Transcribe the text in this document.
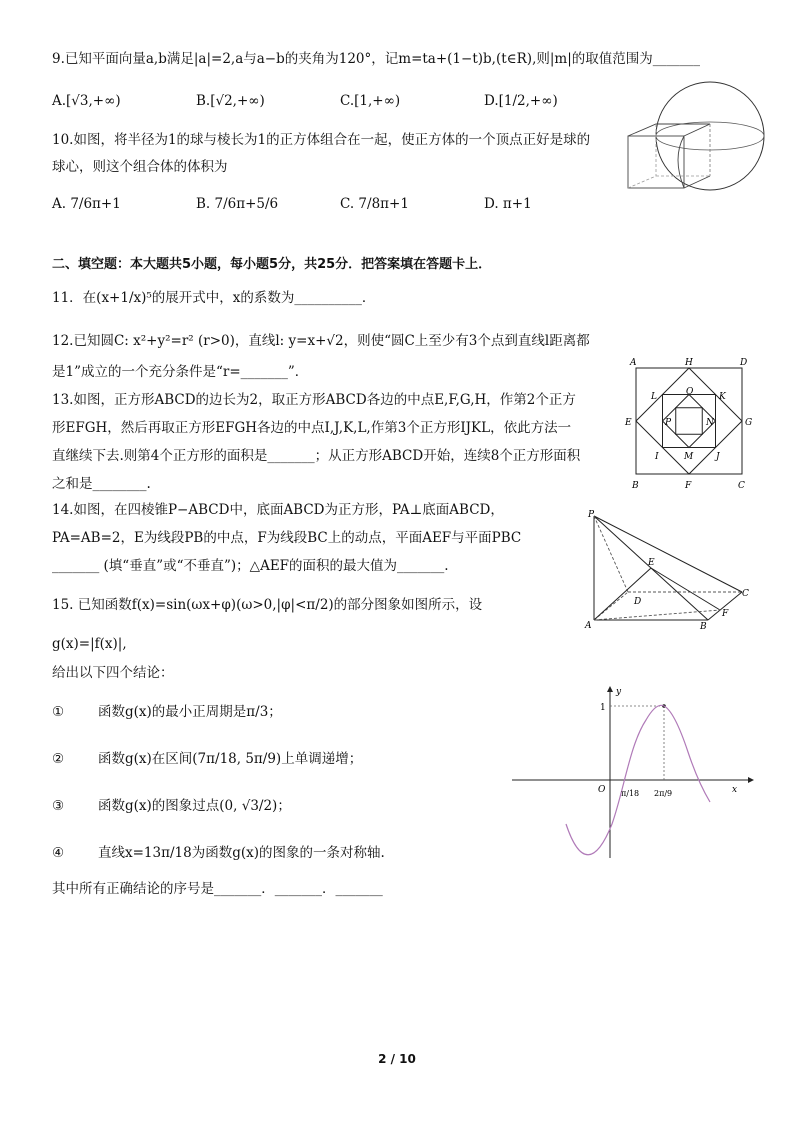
9.已知平面向量a,b满足|a|=2,a与a−b的夹角为120°，记m=ta+(1−t)b,(t∈R),则|m|的取值范围为_______
A.[√3,+∞)	B.[√2,+∞)	C.[1,+∞)	D.[1/2,+∞)
10.如图，将半径为1的球与棱长为1的正方体组合在一起，使正方体的一个顶点正好是球的
球心，则这个组合体的体积为
A. 7/6π+1	B. 7/6π+5/6	C. 7/8π+1	D. π+1
二、填空题：本大题共5小题，每小题5分，共25分．把答案填在答题卡上．
11．在(x+1/x)⁵的展开式中，x的系数为__________．
12.已知圆C: x²+y²=r² (r>0)，直线l: y=x+√2，则使“圆C上至少有3个点到直线l距离都
是1”成立的一个充分条件是“r=_______”．
13.如图，正方形ABCD的边长为2，取正方形ABCD各边的中点E,F,G,H，作第2个正方
形EFGH，然后再取正方形EFGH各边的中点I,J,K,L,作第3个正方形IJKL，依此方法一
直继续下去.则第4个正方形的面积是_______；从正方形ABCD开始，连续8个正方形面积
之和是________.
A	H	D
L	O	K
E	P	N	G
I	M	J
B	F	C
14.如图，在四棱锥P−ABCD中，底面ABCD为正方形，PA⊥底面ABCD，
PA=AB=2，E为线段PB的中点，F为线段BC上的动点，平面AEF与平面PBC
_______ (填“垂直”或“不垂直”)；△AEF的面积的最大值为_______.
P
E
D
C
A	B
F
15. 已知函数f(x)=sin(ωx+φ)(ω>0,|φ|<π/2)的部分图象如图所示，设
g(x)=|f(x)|,
给出以下四个结论：
①	函数g(x)的最小正周期是π/3；
②	函数g(x)在区间(7π/18, 5π/9)上单调递增；
③	函数g(x)的图象过点(0, √3/2)；
④	直线x=13π/18为函数g(x)的图象的一条对称轴.
其中所有正确结论的序号是_______．_______．_______
y
1
O	x
π/18 2π/9
2 / 10
